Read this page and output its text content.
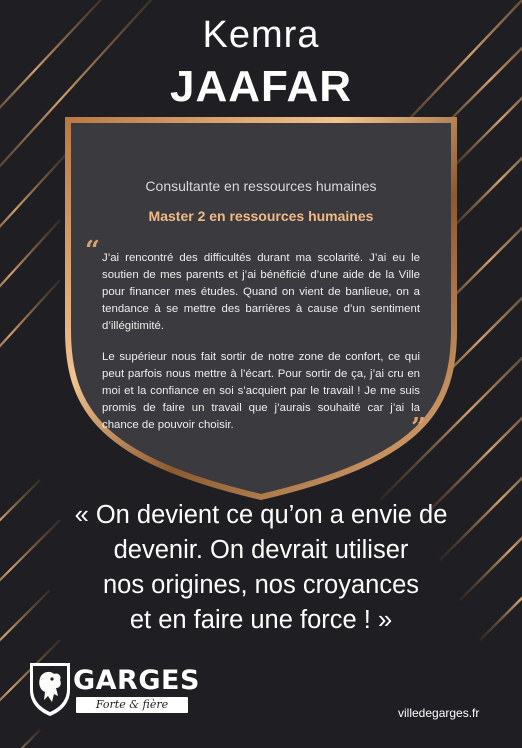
Kemra
JAAFAR
Consultante en ressources humaines
Master 2 en ressources humaines
“ J’ai rencontré des difficultés durant ma scolarité. J’ai eu le soutien de mes parents et j’ai bénéficié d’une aide de la Ville pour financer mes études. Quand on vient de banlieue, on a tendance à se mettre des barrières à cause d’un sentiment d’illégitimité.
Le supérieur nous fait sortir de notre zone de confort, ce qui peut parfois nous mettre à l’écart. Pour sortir de ça, j’ai cru en moi et la confiance en soi s’acquiert par le travail ! Je me suis promis de faire un travail que j’aurais souhaité car j’ai la chance de pouvoir choisir.	”
« On devient ce qu’on a envie de
devenir. On devrait utiliser
nos origines, nos croyances
et en faire une force ! »
GARGES
Forte & fière
villedegarges.fr
